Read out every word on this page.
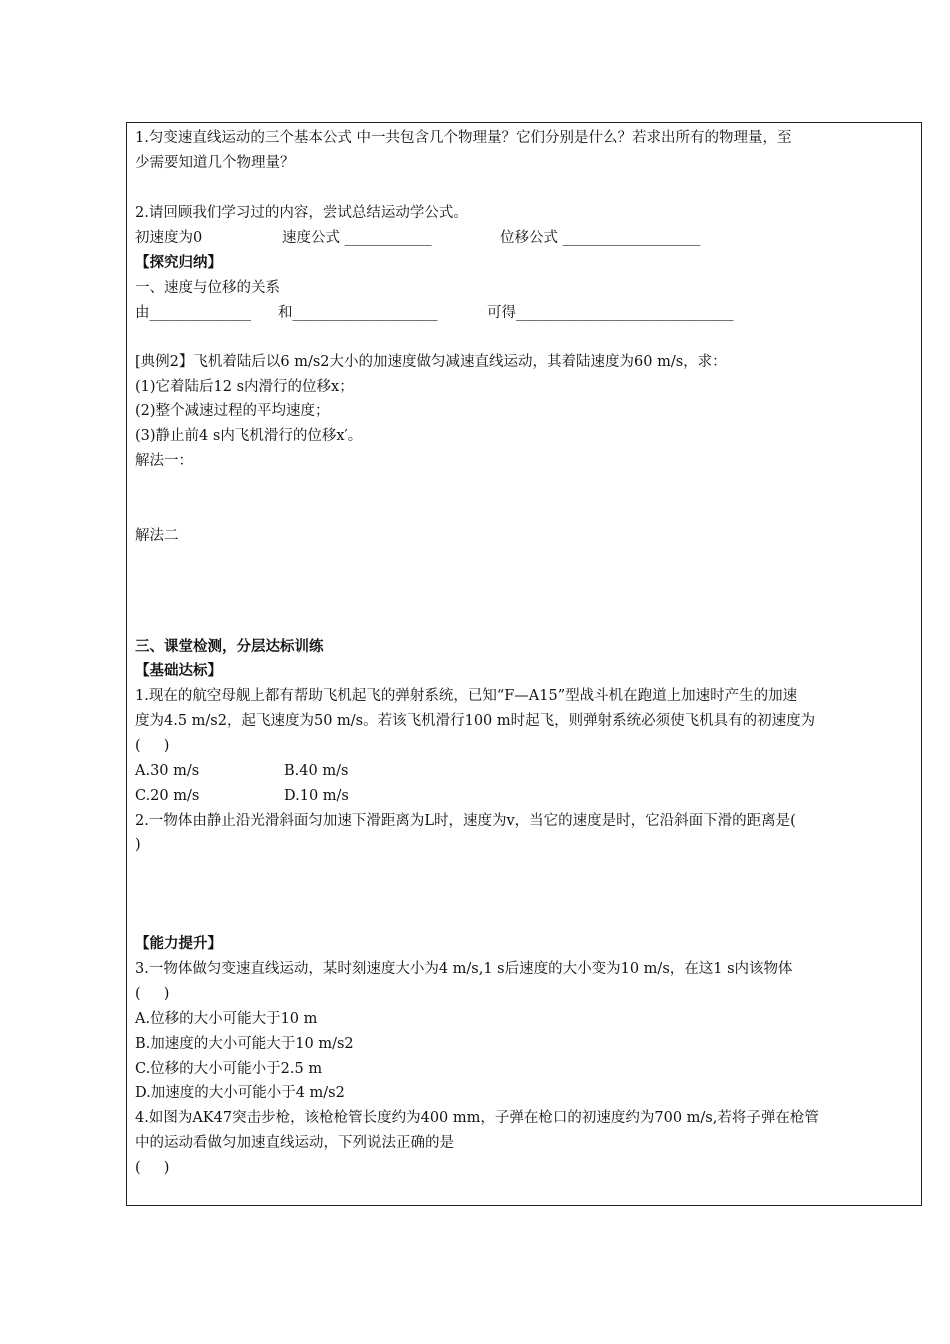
1.匀变速直线运动的三个基本公式 中一共包含几个物理量？它们分别是什么？若求出所有的物理量，至
少需要知道几个物理量？
2.请回顾我们学习过的内容，尝试总结运动学公式。
初速度为0	速度公式 ____________	位移公式 ___________________
【探究归纳】
一、速度与位移的关系
由______________ 和____________________	可得______________________________
[典例2】飞机着陆后以6 m/s2大小的加速度做匀减速直线运动，其着陆速度为60 m/s，求：
(1)它着陆后12 s内滑行的位移x；
(2)整个减速过程的平均速度；
(3)静止前4 s内飞机滑行的位移x′。
解法一：
解法二
三、课堂检测，分层达标训练
【基础达标】
1.现在的航空母舰上都有帮助飞机起飞的弹射系统，已知“F—A15”型战斗机在跑道上加速时产生的加速
度为4.5 m/s2，起飞速度为50 m/s。若该飞机滑行100 m时起飞，则弹射系统必须使飞机具有的初速度为
(     )
A.30 m/s	B.40 m/s
C.20 m/s	D.10 m/s
2.一物体由静止沿光滑斜面匀加速下滑距离为L时，速度为v，当它的速度是时，它沿斜面下滑的距离是(
)
【能力提升】
3.一物体做匀变速直线运动，某时刻速度大小为4 m/s,1 s后速度的大小变为10 m/s，在这1 s内该物体
(     )
A.位移的大小可能大于10 m
B.加速度的大小可能大于10 m/s2
C.位移的大小可能小于2.5 m
D.加速度的大小可能小于4 m/s2
4.如图为AK47突击步枪，该枪枪管长度约为400 mm，子弹在枪口的初速度约为700 m/s,若将子弹在枪管
中的运动看做匀加速直线运动，下列说法正确的是
(     )
